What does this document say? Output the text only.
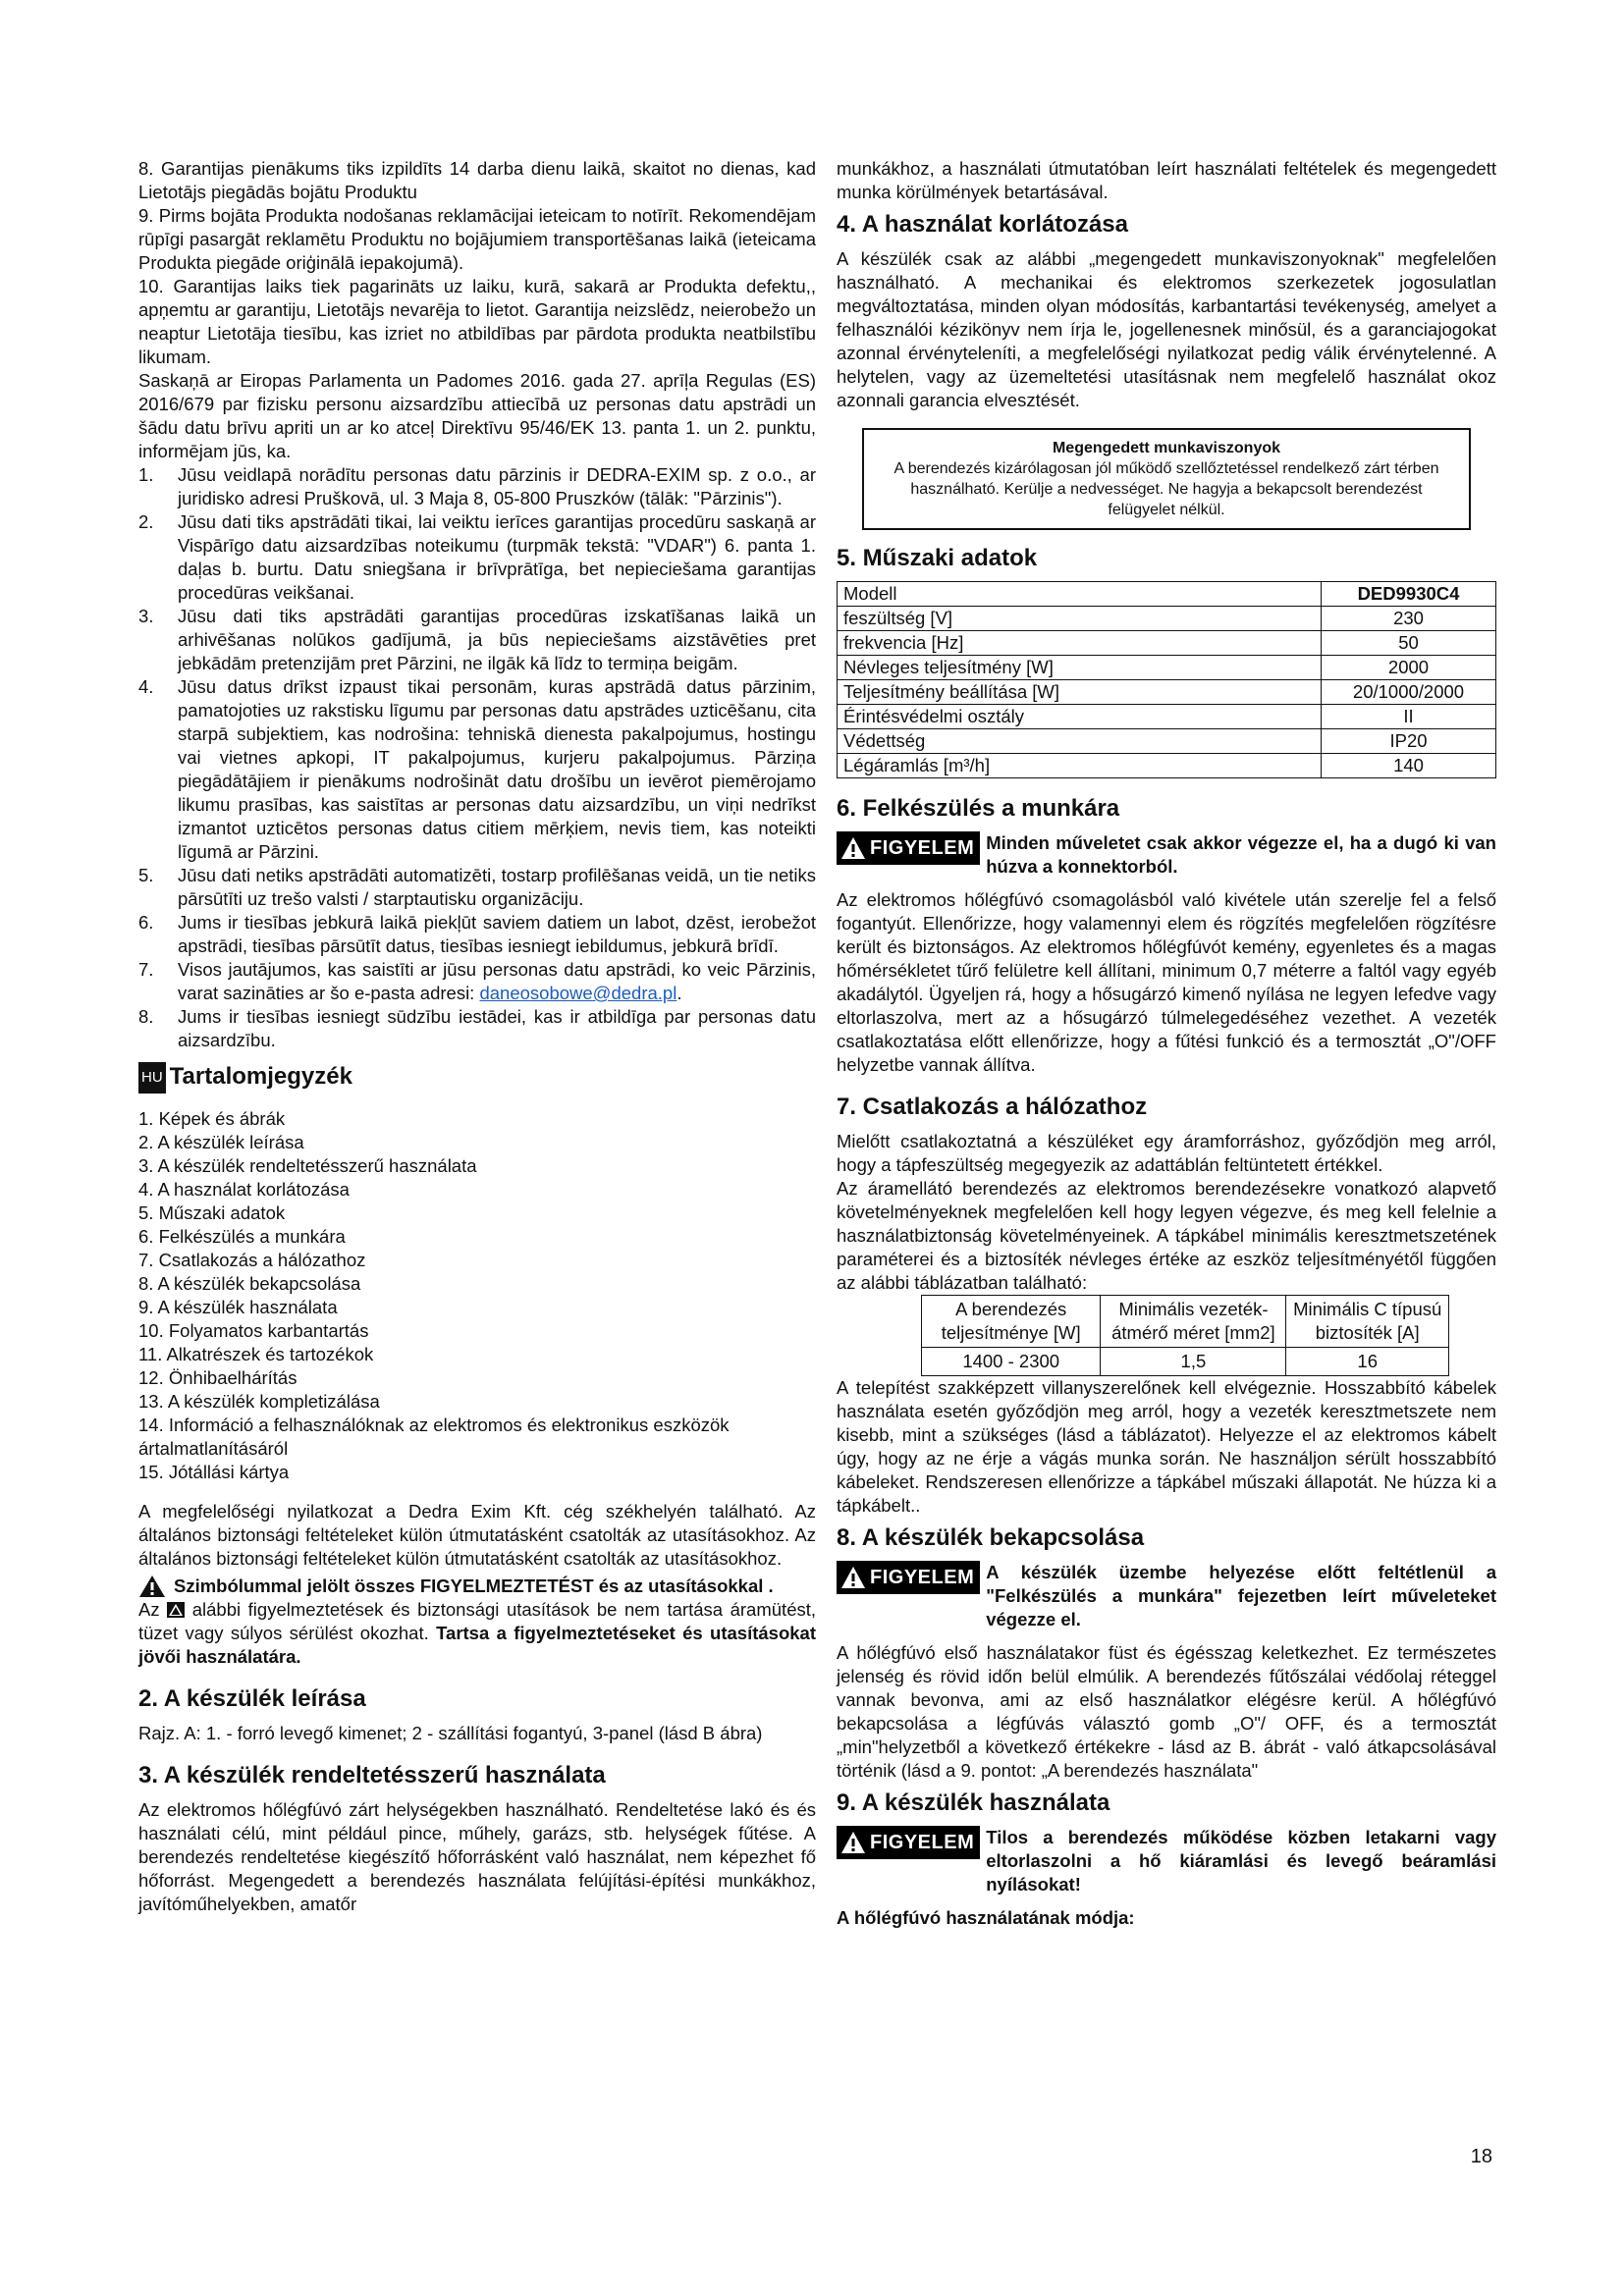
8. Garantijas pienākums tiks izpildīts 14 darba dienu laikā, skaitot no dienas, kad Lietotājs piegādās bojātu Produktu

9. Pirms bojāta Produkta nodošanas reklamācijai ieteicam to notīrīt. Rekomendējam rūpīgi pasargāt reklamētu Produktu no bojājumiem transportēšanas laikā (ieteicama Produkta piegāde oriģinālā iepakojumā).

10. Garantijas laiks tiek pagarināts uz laiku, kurā, sakarā ar Produkta defektu,, apņemtu ar garantiju, Lietotājs nevarēja to lietot. Garantija neizslēdz, neierobežo un neaptur Lietotāja tiesību, kas izriet no atbildības par pārdota produkta neatbilstību likumam.

Saskaņā ar Eiropas Parlamenta un Padomes 2016. gada 27. aprīļa Regulas (ES) 2016/679 par fizisku personu aizsardzību attiecībā uz personas datu apstrādi un šādu datu brīvu apriti un ar ko atceļ Direktīvu 95/46/EK 13. panta 1. un 2. punktu, informējam jūs, ka.

1. Jūsu veidlapā norādītu personas datu pārzinis ir DEDRA-EXIM sp. z o.o., ar juridisko adresi Pruškovā, ul. 3 Maja 8, 05-800 Pruszków (tālāk: "Pārzinis").
2. Jūsu dati tiks apstrādāti tikai, lai veiktu ierīces garantijas procedūru saskaņā ar Vispārīgo datu aizsardzības noteikumu (turpmāk tekstā: "VDAR") 6. panta 1. daļas b. burtu. Datu sniegšana ir brīvprātīga, bet nepieciešama garantijas procedūras veikšanai.
3. Jūsu dati tiks apstrādāti garantijas procedūras izskatīšanas laikā un arhivēšanas nolūkos gadījumā, ja būs nepieciešams aizstāvēties pret jebkādām pretenzijām pret Pārzini, ne ilgāk kā līdz to termiņa beigām.
4. Jūsu datus drīkst izpaust tikai personām, kuras apstrādā datus pārzinim, pamatojoties uz rakstisku līgumu par personas datu apstrādes uzticēšanu, cita starpā subjektiem, kas nodrošina: tehniskā dienesta pakalpojumus, hostingu vai vietnes apkopi, IT pakalpojumus, kurjeru pakalpojumus. Pārziņa piegādātājiem ir pienākums nodrošināt datu drošību un ievērot piemērojamo likumu prasības, kas saistītas ar personas datu aizsardzību, un viņi nedrīkst izmantot uzticētos personas datus citiem mērķiem, nevis tiem, kas noteikti līgumā ar Pārzini.
5. Jūsu dati netiks apstrādāti automatizēti, tostarp profilēšanas veidā, un tie netiks pārsūtīti uz trešo valsti / starptautisku organizāciju.
6. Jums ir tiesības jebkurā laikā piekļūt saviem datiem un labot, dzēst, ierobežot apstrādi, tiesības pārsūtīt datus, tiesības iesniegt iebildumus, jebkurā brīdī.
7. Visos jautājumos, kas saistīti ar jūsu personas datu apstrādi, ko veic Pārzinis, varat sazināties ar šo e-pasta adresi: daneosobowe@dedra.pl.
8. Jums ir tiesības iesniegt sūdzību iestādei, kas ir atbildīga par personas datu aizsardzību.
HU Tartalomjegyzék
1. Képek és ábrák
2. A készülék leírása
3. A készülék rendeltetésszerű használata
4. A használat korlátozása
5. Műszaki adatok
6. Felkészülés a munkára
7. Csatlakozás a hálózathoz
8. A készülék bekapcsolása
9. A készülék használata
10. Folyamatos karbantartás
11. Alkatrészek és tartozékok
12. Önhibaelhárítás
13. A készülék kompletizálása
14. Információ a felhasználóknak az elektromos és elektronikus eszközök ártalmatlanításáról
15. Jótállási kártya

A megfelelőségi nyilatkozat a Dedra Exim Kft. cég székhelyén található. Az általános biztonsági feltételeket külön útmutatásként csatolták az utasításokhoz. Az általános biztonsági feltételeket külön útmutatásként csatolták az utasításokhoz.

Szimbólummal jelölt összes FIGYELMEZTETÉST és az utasításokkal .

Az alábbi figyelmeztetések és biztonsági utasítások be nem tartása áramütést, tüzet vagy súlyos sérülést okozhat. Tartsa a figyelmeztetéseket és utasításokat jövői használatára.

2. A készülék leírása

Rajz. A: 1. - forró levegő kimenet; 2 - szállítási fogantyú, 3-panel (lásd B ábra)

3. A készülék rendeltetésszerű használata

Az elektromos hőlégfúvó zárt helységekben használható. Rendeltetése lakó és és használati célú, mint például pince, műhely, garázs, stb. helységek fűtése. A berendezés rendeltetése kiegészítő hőforrásként való használat, nem képezhet fő hőforrást. Megengedett a berendezés használata felújítási-építési munkákhoz, javítóműhelyekben, amatőr

munkákhoz, a használati útmutatóban leírt használati feltételek és megengedett munka körülmények betartásával.

4. A használat korlátozása

A készülék csak az alábbi „megengedett munkaviszonyoknak" megfelelően használható. A mechanikai és elektromos szerkezetek jogosulatlan megváltoztatása, minden olyan módosítás, karbantartási tevékenység, amelyet a felhasználói kézikönyv nem írja le, jogellenesnek minősül, és a garanciajogokat azonnal érvényteleníti, a megfelelőségi nyilatkozat pedig válik érvénytelenné. A helytelen, vagy az üzemeltetési utasításnak nem megfelelő használat okoz azonnali garancia elvesztését.

Megengedett munkaviszonyok
A berendezés kizárólagosan jól működő szellőztetéssel rendelkező zárt térben használható. Kerülje a nedvességet. Ne hagyja a bekapcsolt berendezést felügyelet nélkül.
5. Műszaki adatok
Modell	DED9930C4
feszültség [V]	230
frekvencia [Hz]	50
Névleges teljesítmény [W]	2000
Teljesítmény beállítása [W]	20/1000/2000
Érintésvédelmi osztály	II
Védettség	IP20
Légáramlás [m³/h]	140
6. Felkészülés a munkára
FIGYELEM Minden műveletet csak akkor végezze el, ha a dugó ki van húzva a konnektorból.

Az elektromos hőlégfúvó csomagolásból való kivétele után szerelje fel a felső fogantyút. Ellenőrizze, hogy valamennyi elem és rögzítés megfelelően rögzítésre került és biztonságos. Az elektromos hőlégfúvót kemény, egyenletes és a magas hőmérsékletet tűrő felületre kell állítani, minimum 0,7 méterre a faltól vagy egyéb akadálytól. Ügyeljen rá, hogy a hősugárzó kimenő nyílása ne legyen lefedve vagy eltorlaszolva, mert az a hősugárzó túlmelegedéséhez vezethet. A vezeték csatlakoztatása előtt ellenőrizze, hogy a fűtési funkció és a termosztát „O"/OFF helyzetbe vannak állítva.

7. Csatlakozás a hálózathoz

Mielőtt csatlakoztatná a készüléket egy áramforráshoz, győződjön meg arról, hogy a tápfeszültség megegyezik az adattáblán feltüntetett értékkel.

Az áramellátó berendezés az elektromos berendezésekre vonatkozó alapvető követelményeknek megfelelően kell hogy legyen végezve, és meg kell felelnie a használatbiztonság követelményeinek. A tápkábel minimális keresztmetszetének paraméterei és a biztosíték névleges értéke az eszköz teljesítményétől függően az alábbi táblázatban található:

A berendezés teljesítménye [W]	Minimális vezeték-átmérő méret [mm2]	Minimális C típusú biztosíték [A]
1400 - 2300	1,5	16

A telepítést szakképzett villanyszerelőnek kell elvégeznie. Hosszabbító kábelek használata esetén győződjön meg arról, hogy a vezeték keresztmetszete nem kisebb, mint a szükséges (lásd a táblázatot). Helyezze el az elektromos kábelt úgy, hogy az ne érje a vágás munka során. Ne használjon sérült hosszabbító kábeleket. Rendszeresen ellenőrizze a tápkábel műszaki állapotát. Ne húzza ki a tápkábelt..

8. A készülék bekapcsolása
FIGYELEM A készülék üzembe helyezése előtt feltétlenül a "Felkészülés a munkára" fejezetben leírt műveleteket végezze el.

A hőlégfúvó első használatakor füst és égésszag keletkezhet. Ez természetes jelenség és rövid időn belül elmúlik. A berendezés fűtőszálai védőolaj réteggel vannak bevonva, ami az első használatkor elégésre kerül. A hőlégfúvó bekapcsolása a légfúvás választó gomb „O"/ OFF, és a termosztát „min"helyzetből a következő értékekre - lásd az B. ábrát - való átkapcsolásával történik (lásd a 9. pontot: „A berendezés használata"

9. A készülék használata
FIGYELEM Tilos a berendezés működése közben letakarni vagy eltorlaszolni a hő kiáramlási és levegő beáramlási nyílásokat!

A hőlégfúvó használatának módja:

18
